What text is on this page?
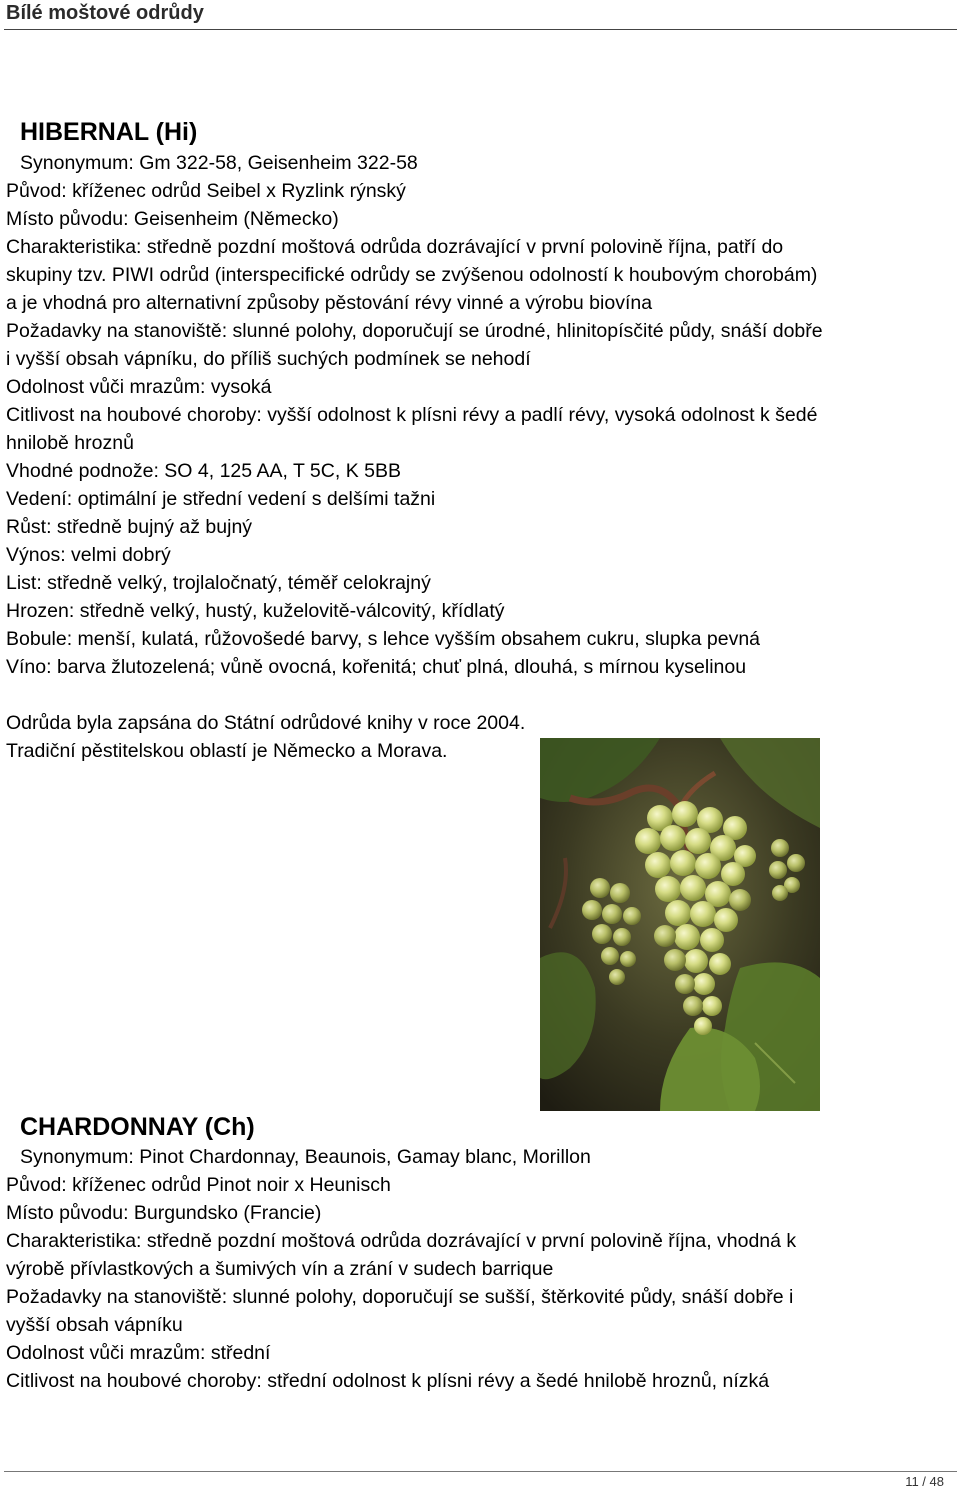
Bílé moštové odrůdy
HIBERNAL (Hi)
Synonymum: Gm 322-58, Geisenheim 322-58
Původ: kříženec odrůd Seibel x Ryzlink rýnský
Místo původu: Geisenheim (Německo)
Charakteristika: středně pozdní moštová odrůda dozrávající v první polovině října, patří do
skupiny tzv. PIWI odrůd (interspecifické odrůdy se zvýšenou odolností k houbovým chorobám)
a je vhodná pro alternativní způsoby pěstování révy vinné a výrobu biovína
Požadavky na stanoviště: slunné polohy, doporučují se úrodné, hlinitopísčité půdy, snáší dobře
i vyšší obsah vápníku, do příliš suchých podmínek se nehodí
Odolnost vůči mrazům: vysoká
Citlivost na houbové choroby: vyšší odolnost k plísni révy a padlí révy, vysoká odolnost k šedé
hnilobě hroznů
Vhodné podnože: SO 4, 125 AA, T 5C, K 5BB
Vedení: optimální je střední vedení s delšími tažni
Růst: středně bujný až bujný
Výnos: velmi dobrý
List: středně velký, trojlaločnatý, téměř celokrajný
Hrozen: středně velký, hustý, kuželovitě-válcovitý, křídlatý
Bobule: menší, kulatá, růžovošedé barvy, s lehce vyšším obsahem cukru, slupka pevná
Víno: barva žlutozelená; vůně ovocná, kořenitá; chuť plná, dlouhá, s mírnou kyselinou
Odrůda byla zapsána do Státní odrůdové knihy v roce 2004.
Tradiční pěstitelskou oblastí je Německo a Morava.
CHARDONNAY (Ch)
Synonymum: Pinot Chardonnay, Beaunois, Gamay blanc, Morillon
Původ: kříženec odrůd Pinot noir x Heunisch
Místo původu: Burgundsko (Francie)
Charakteristika: středně pozdní moštová odrůda dozrávající v první polovině října, vhodná k
výrobě přívlastkových a šumivých vín a zrání v sudech barrique
Požadavky na stanovištĕ: slunné polohy, doporučují se sušší, štěrkovité půdy, snáší dobře i
vyšší obsah vápníku
Odolnost vůči mrazům: střední
Citlivost na houbové choroby: střední odolnost k plísni révy a šedé hnilobě hroznů, nízká
11 / 48
